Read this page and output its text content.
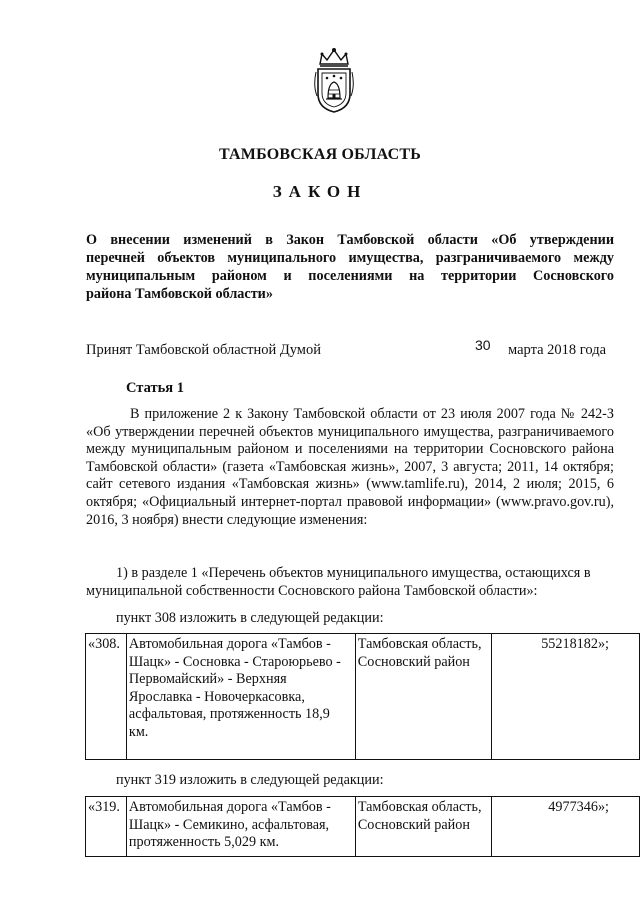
ТАМБОВСКАЯ ОБЛАСТЬ
ЗАКОН
О внесении изменений в Закон Тамбовской области «Об утверждении
перечней объектов муниципального имущества, разграничиваемого между
муниципальным районом и поселениями на территории Сосновского
района Тамбовской области»
Принят Тамбовской областной Думой	30 марта 2018 года
Статья 1
В приложение 2 к Закону Тамбовской области от 23 июля 2007 года № 242-З «Об утверждении перечней объектов муниципального имущества, разграничиваемого между муниципальным районом и поселениями на территории Сосновского района Тамбовской области» (газета «Тамбовская жизнь», 2007, 3 августа; 2011, 14 октября; сайт сетевого издания «Тамбовская жизнь» (www.tamlife.ru), 2014, 2 июля; 2015, 6 октября; «Официальный интернет-портал правовой информации» (www.pravo.gov.ru), 2016, 3 ноября) внести следующие изменения:
1) в разделе 1 «Перечень объектов муниципального имущества, остающихся в муниципальной собственности Сосновского района Тамбовской области»:
пункт 308 изложить в следующей редакции:
«308.	Автомобильная дорога «Тамбов - Шацк» - Сосновка - Староюрьево - Первомайский» - Верхняя Ярославка - Новочеркасовка, асфальтовая, протяженность 18,9 км.	Тамбовская область, Сосновский район	55218182»;
пункт 319 изложить в следующей редакции:
«319.	Автомобильная дорога «Тамбов - Шацк» - Семикино, асфальтовая, протяженность 5,029 км.	Тамбовская область, Сосновский район	4977346»;
